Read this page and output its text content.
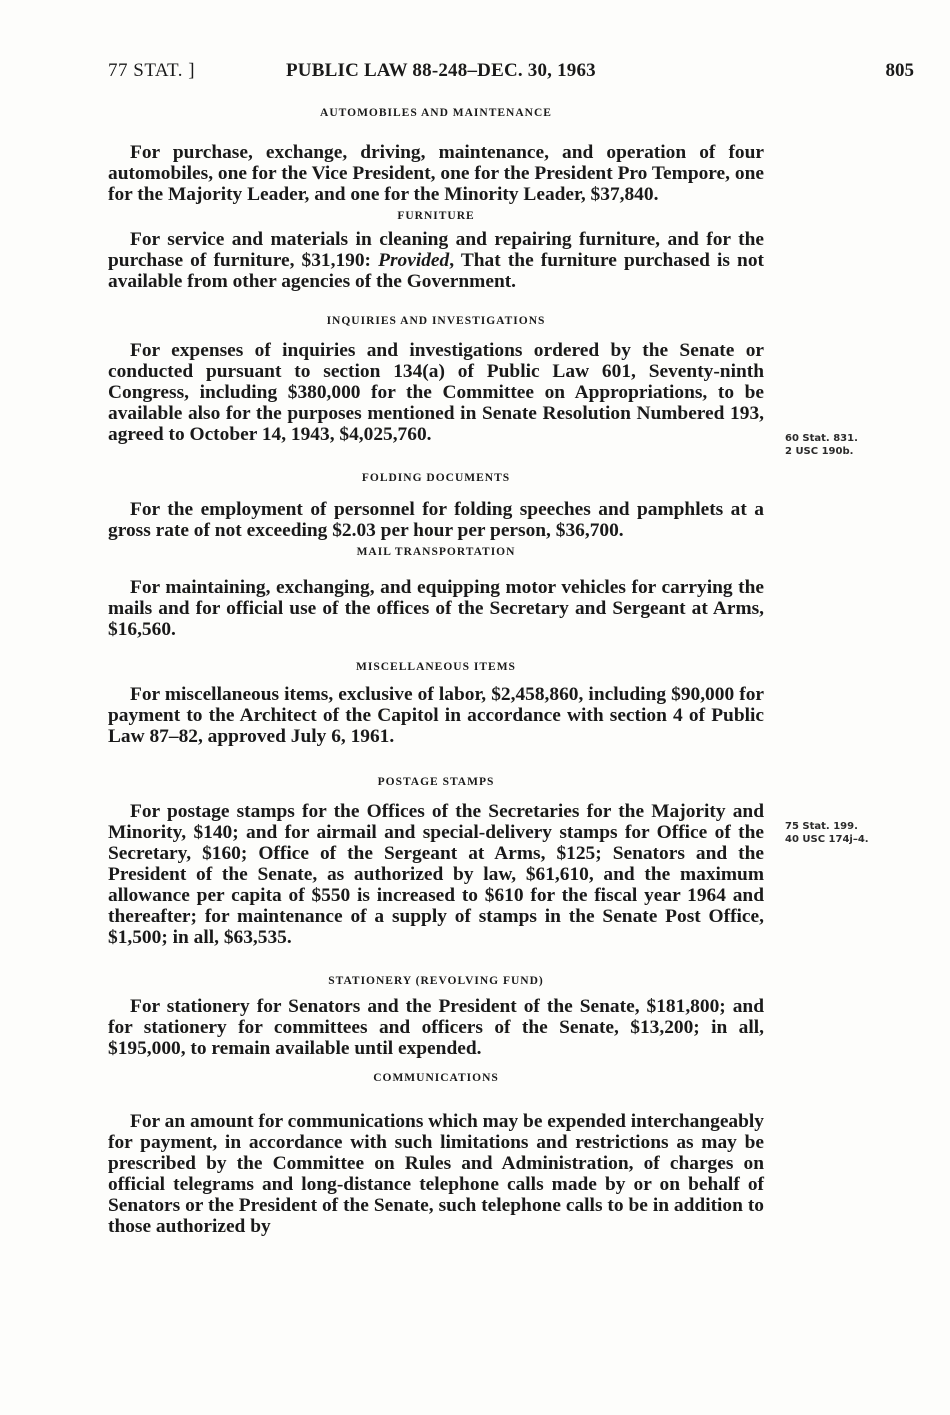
77 STAT. ]	PUBLIC LAW 88-248–DEC. 30, 1963	805
AUTOMOBILES AND MAINTENANCE

For purchase, exchange, driving, maintenance, and operation of four automobiles, one for the Vice President, one for the President Pro Tempore, one for the Majority Leader, and one for the Minority Leader, $37,840.

FURNITURE

For service and materials in cleaning and repairing furniture, and for the purchase of furniture, $31,190: Provided, That the furniture purchased is not available from other agencies of the Government.

INQUIRIES AND INVESTIGATIONS

For expenses of inquiries and investigations ordered by the Senate or conducted pursuant to section 134(a) of Public Law 601, Seventy-ninth Congress, including $380,000 for the Committee on Appropriations, to be available also for the purposes mentioned in Senate Resolution Numbered 193, agreed to October 14, 1943, $4,025,760.

FOLDING DOCUMENTS

For the employment of personnel for folding speeches and pamphlets at a gross rate of not exceeding $2.03 per hour per person, $36,700.

MAIL TRANSPORTATION

For maintaining, exchanging, and equipping motor vehicles for carrying the mails and for official use of the offices of the Secretary and Sergeant at Arms, $16,560.

MISCELLANEOUS ITEMS

For miscellaneous items, exclusive of labor, $2,458,860, including $90,000 for payment to the Architect of the Capitol in accordance with section 4 of Public Law 87–82, approved July 6, 1961.

POSTAGE STAMPS

For postage stamps for the Offices of the Secretaries for the Majority and Minority, $140; and for airmail and special-delivery stamps for Office of the Secretary, $160; Office of the Sergeant at Arms, $125; Senators and the President of the Senate, as authorized by law, $61,610, and the maximum allowance per capita of $550 is increased to $610 for the fiscal year 1964 and thereafter; for maintenance of a supply of stamps in the Senate Post Office, $1,500; in all, $63,535.

STATIONERY (REVOLVING FUND)

For stationery for Senators and the President of the Senate, $181,800; and for stationery for committees and officers of the Senate, $13,200; in all, $195,000, to remain available until expended.

COMMUNICATIONS

For an amount for communications which may be expended interchangeably for payment, in accordance with such limitations and restrictions as may be prescribed by the Committee on Rules and Administration, of charges on official telegrams and long-distance telephone calls made by or on behalf of Senators or the President of the Senate, such telephone calls to be in addition to those authorized by

60 Stat. 831.
2 USC 190b.
75 Stat. 199.
40 USC 174j–4.
